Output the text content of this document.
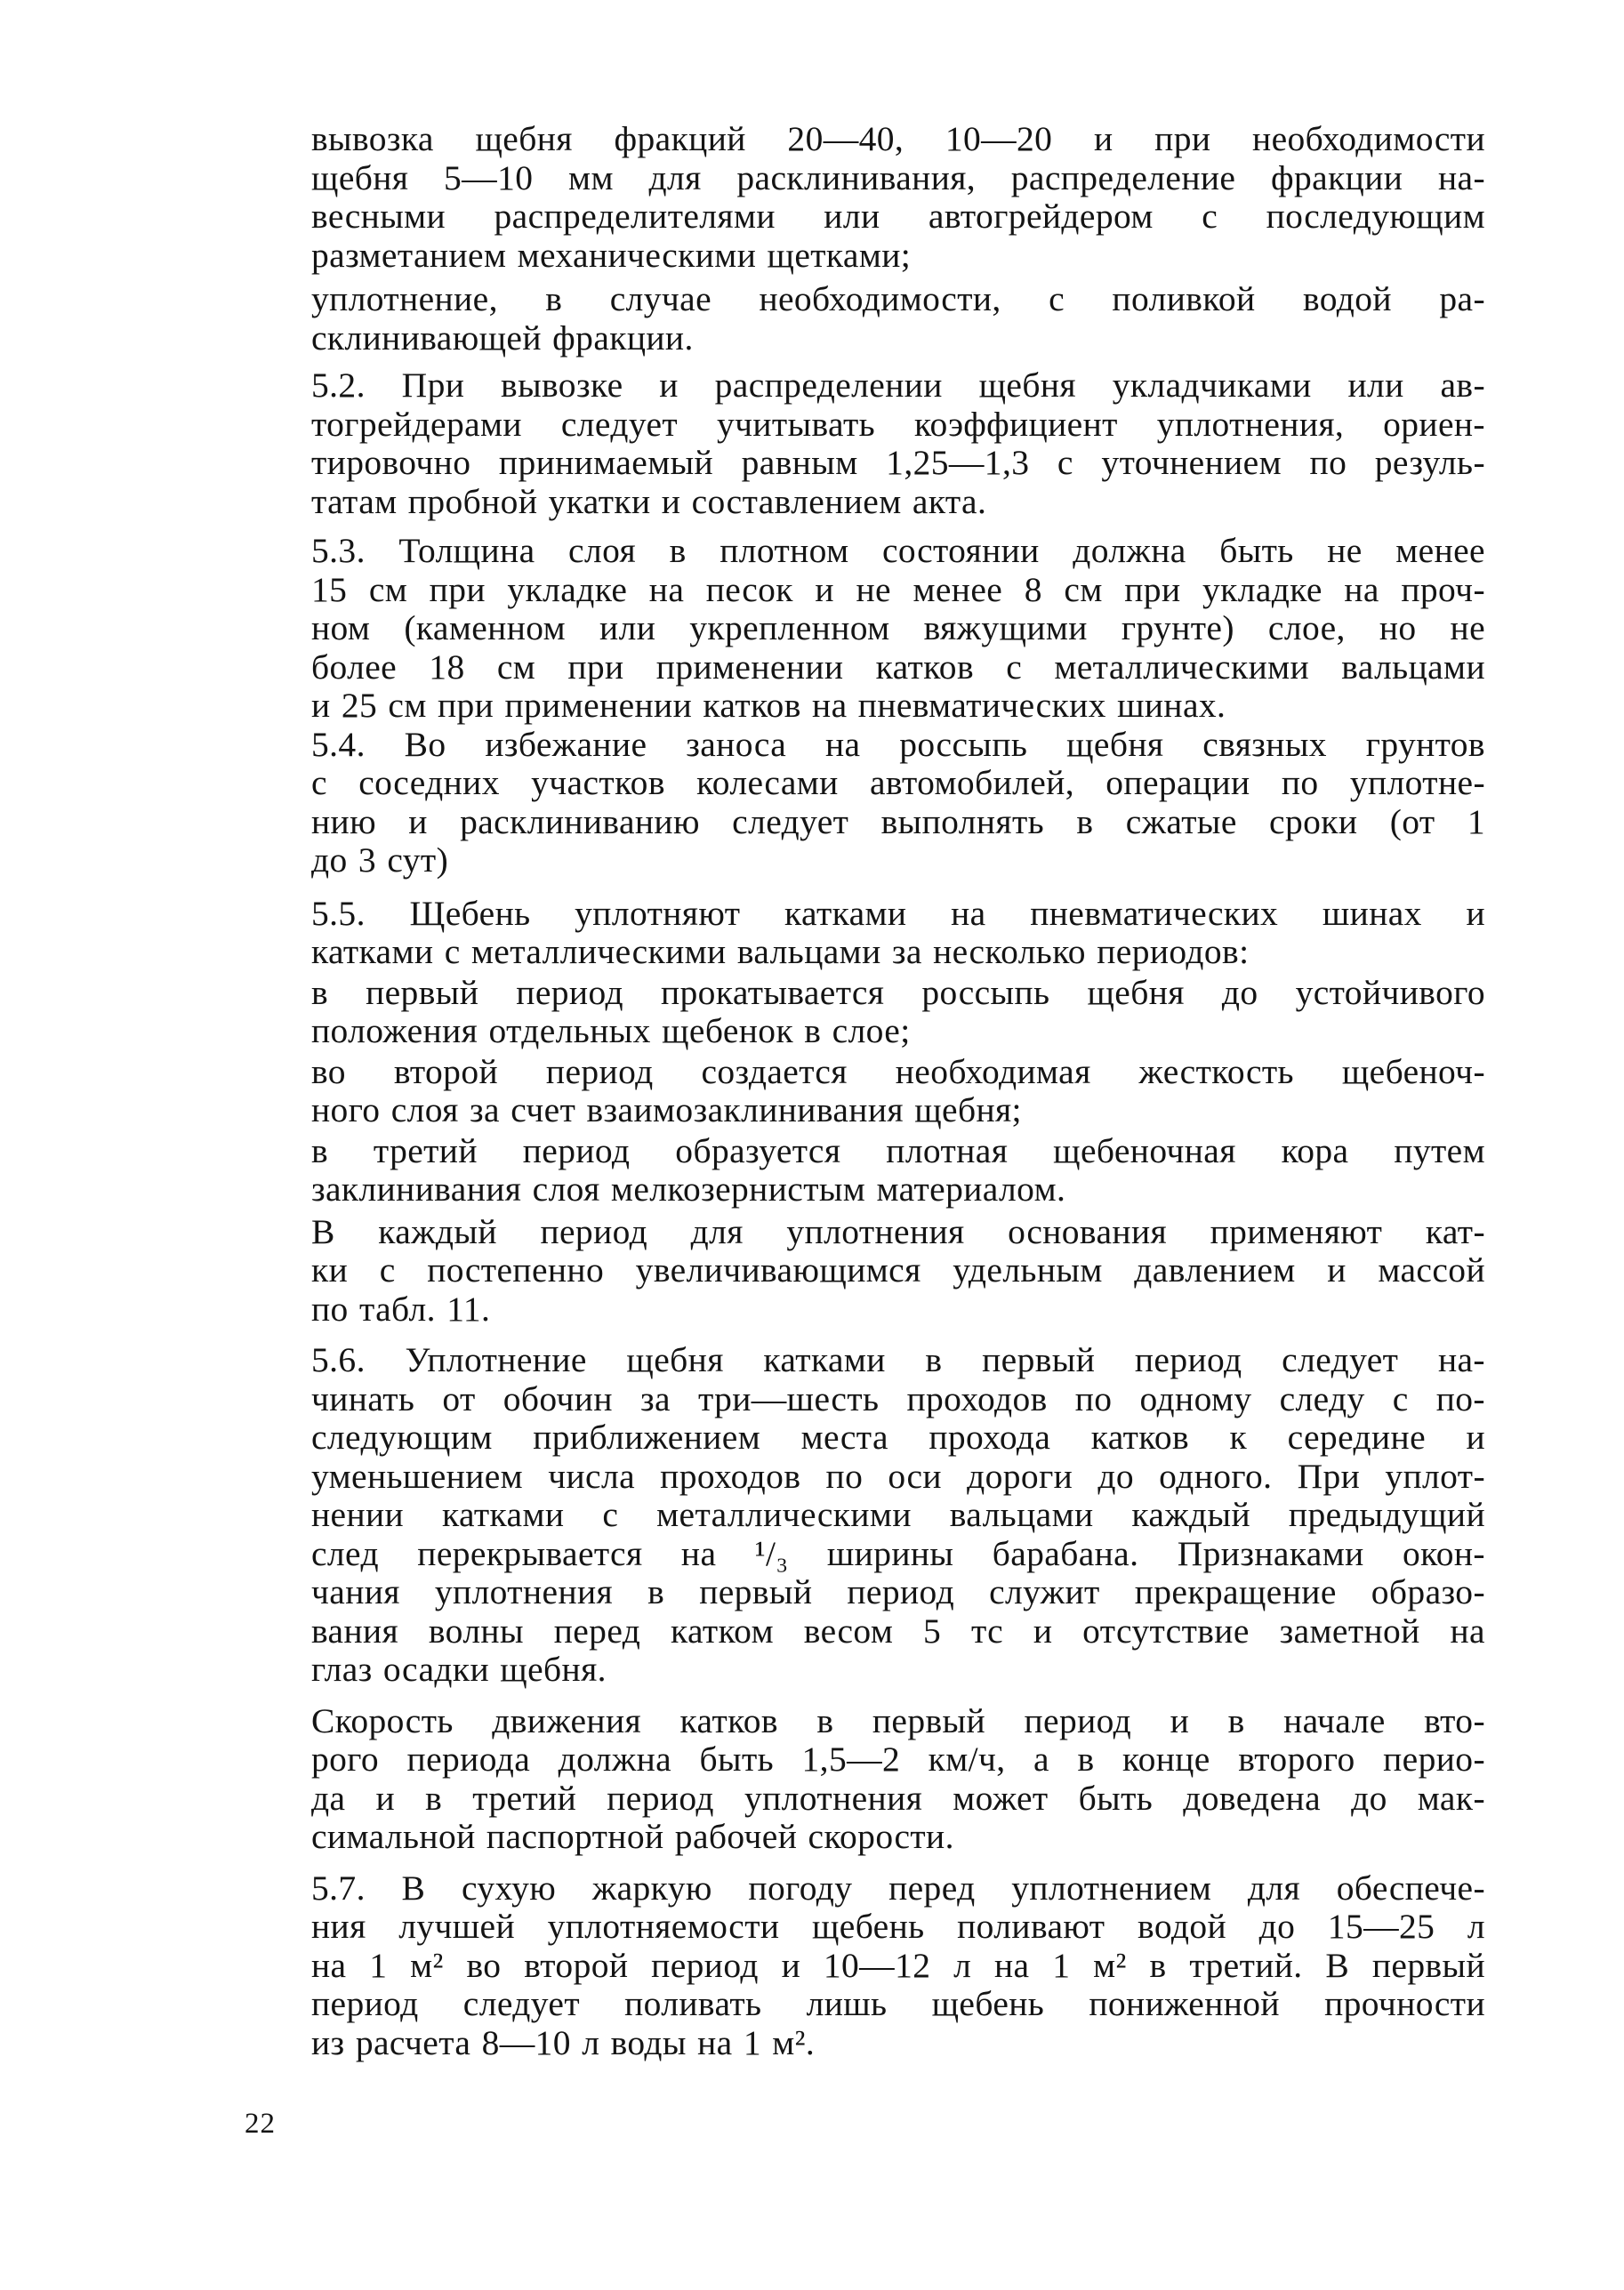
вывозка щебня фракций 20—40, 10—20 и при необходимости
щебня 5—10 мм для расклинивания, распределение фракции на-
весными распределителями или автогрейдером с последующим
разметанием механическими щетками;
уплотнение, в случае необходимости, с поливкой водой ра-
склинивающей фракции.
5.2. При вывозке и распределении щебня укладчиками или ав-
тогрейдерами следует учитывать коэффициент уплотнения, ориен-
тировочно принимаемый равным 1,25—1,3 с уточнением по резуль-
татам пробной укатки и составлением акта.
5.3. Толщина слоя в плотном состоянии должна быть не менее
15 см при укладке на песок и не менее 8 см при укладке на проч-
ном (каменном или укрепленном вяжущими грунте) слое, но не
более 18 см при применении катков с металлическими вальцами
и 25 см при применении катков на пневматических шинах.
5.4. Во избежание заноса на россыпь щебня связных грунтов
с соседних участков колесами автомобилей, операции по уплотне-
нию и расклиниванию следует выполнять в сжатые сроки (от 1
до 3 сут)
5.5. Щебень уплотняют катками на пневматических шинах и
катками с металлическими вальцами за несколько периодов:
в первый период прокатывается россыпь щебня до устойчивого
положения отдельных щебенок в слое;
во второй период создается необходимая жесткость щебеноч-
ного слоя за счет взаимозаклинивания щебня;
в третий период образуется плотная щебеночная кора путем
заклинивания слоя мелкозернистым материалом.
В каждый период для уплотнения основания применяют кат-
ки с постепенно увеличивающимся удельным давлением и массой
по табл. 11.
5.6. Уплотнение щебня катками в первый период следует на-
чинать от обочин за три—шесть проходов по одному следу с по-
следующим приближением места прохода катков к середине и
уменьшением числа проходов по оси дороги до одного. При уплот-
нении катками с металлическими вальцами каждый предыдущий
след перекрывается на ¹/₃ ширины барабана. Признаками окон-
чания уплотнения в первый период служит прекращение образо-
вания волны перед катком весом 5 тс и отсутствие заметной на
глаз осадки щебня.
Скорость движения катков в первый период и в начале вто-
рого периода должна быть 1,5—2 км/ч, а в конце второго перио-
да и в третий период уплотнения может быть доведена до мак-
симальной паспортной рабочей скорости.
5.7. В сухую жаркую погоду перед уплотнением для обеспече-
ния лучшей уплотняемости щебень поливают водой до 15—25 л
на 1 м² во второй период и 10—12 л на 1 м² в третий. В первый
период следует поливать лишь щебень пониженной прочности
из расчета 8—10 л воды на 1 м².
22
